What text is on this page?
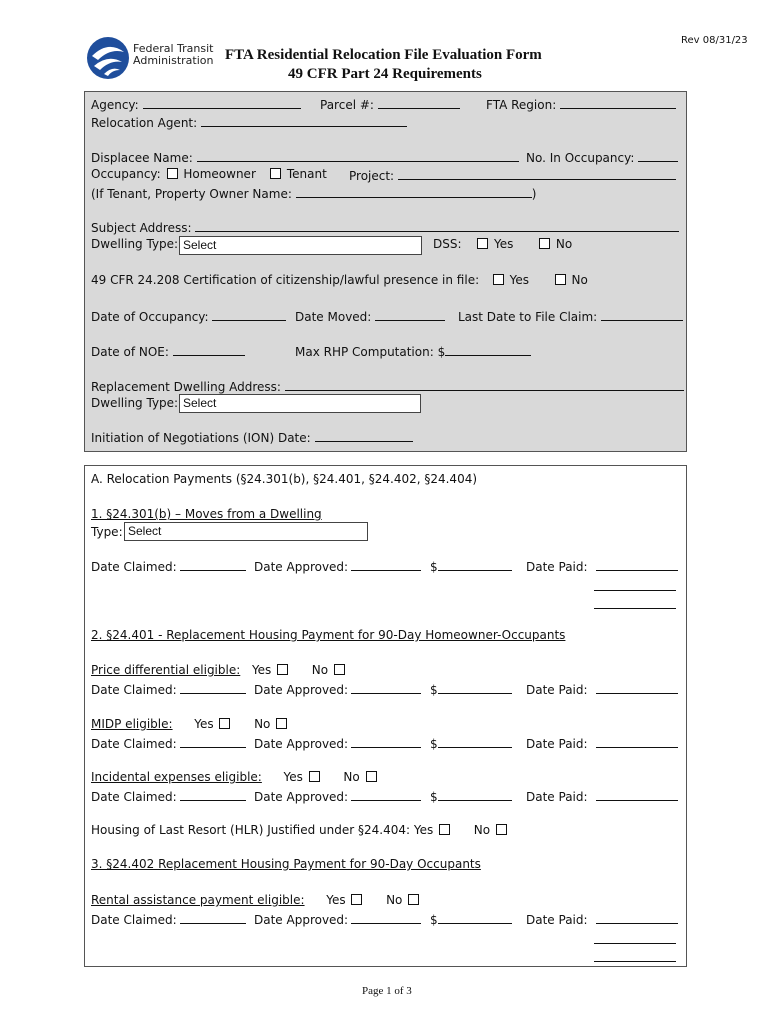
Federal Transit
Administration FTA Residential Relocation File Evaluation Form
49 CFR Part 24 Requirements
Rev 08/31/23
Agency:	Parcel #:	FTA Region:
Relocation Agent:
Displacee Name:	No. In Occupancy:
Occupancy: Homeowner	Tenant Project:
(If Tenant, Property Owner Name:	)
Subject Address:
Dwelling Type: Select	DSS:	Yes	No
49 CFR 24.208 Certification of citizenship/lawful presence in file:	Yes	No
Date of Occupancy:	Date Moved:	Last Date to File Claim:
Date of NOE:	Max RHP Computation: $
Replacement Dwelling Address:
Dwelling Type: Select
Initiation of Negotiations (ION) Date:
A. Relocation Payments (§24.301(b), §24.401, §24.402, §24.404)
1. §24.301(b) – Moves from a Dwelling
Type: Select
Date Claimed:	Date Approved:	$	Date Paid:
2. §24.401 - Replacement Housing Payment for 90-Day Homeowner-Occupants
Price differential eligible: Yes	No
Date Claimed:	Date Approved:	$	Date Paid:
MIDP eligible: Yes	No
Date Claimed:	Date Approved:	$	Date Paid:
Incidental expenses eligible: Yes	No
Date Claimed:	Date Approved:	$	Date Paid:
Housing of Last Resort (HLR) Justified under §24.404: Yes	No
3. §24.402 Replacement Housing Payment for 90-Day Occupants
Rental assistance payment eligible: Yes	No
Date Claimed:	Date Approved:	$	Date Paid:
Page 1 of 3
